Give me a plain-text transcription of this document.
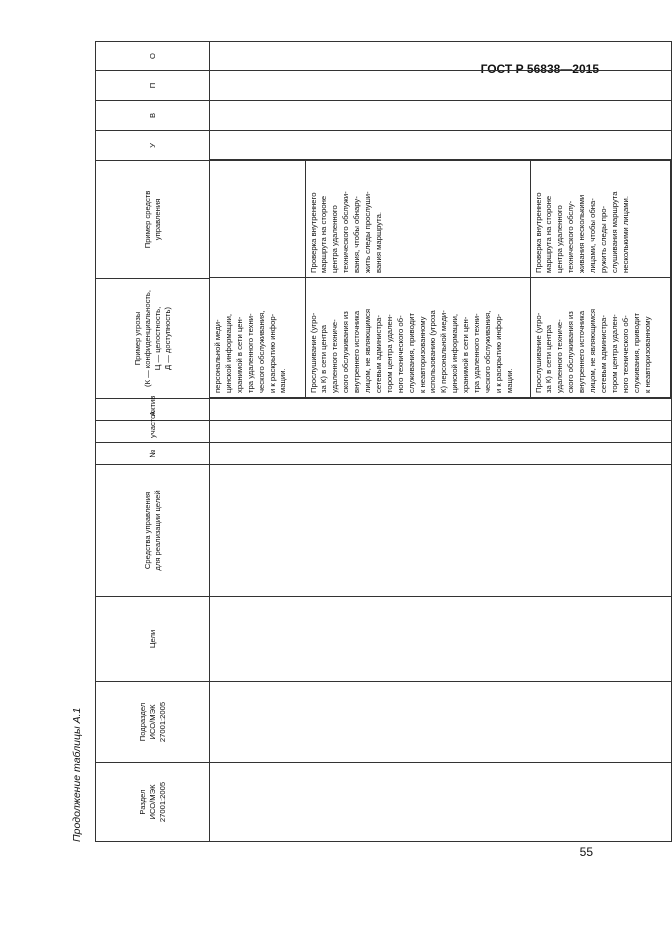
ГОСТ Р 56838—2015
Продолжение таблицы А.1	Раздел
ИСО/МЭК
27001:2005	Подраздел
ИСО/МЭК
27001:2005	Цели	Средства управления
для реализации целей	№	участок	Актив	Пример угрозы
(К — конфиденциальность,
Ц — целостность,
Д — доступность)	Пример средств
управления	У	В	П	О

персональной меди-
цинской информации,
хранимой в сети цен-
тра удаленного техни-
ческого обслуживания,
и к раскрытию инфор-
мации.	Прослушивание (угро-
за К) в сети центра
удаленного техниче-
ского обслуживания из
внутреннего источника
лицом, не являющимся
сетевым администра-
тором центра удален-
ного технического об-
служивания, приводит
к неавторизованному
использованию (угроза
К) персональной меди-
цинской информации,
хранимой в сети цен-
тра удаленного техни-
ческого обслуживания,
и к раскрытию инфор-
мации.	Проверка внутреннего
маршрута на стороне
центра удаленного
технического обслужи-
вания, чтобы обнару-
жить следы прослуши-
вания маршрута.
Прослушивание (угро-
за К) в сети центра
удаленного техниче-
ского обслуживания из
внутреннего источника
лицом, не являющимся
сетевым администра-
тором центра удален-
ного технического об-
служивания, приводит
к неавторизованному	Проверка внутреннего
маршрута на стороне
центра удаленного
технического обслу-
живания несколькими
лицами, чтобы обна-
ружить следы про-
слушивания маршрута
несколькими лицами.

55
